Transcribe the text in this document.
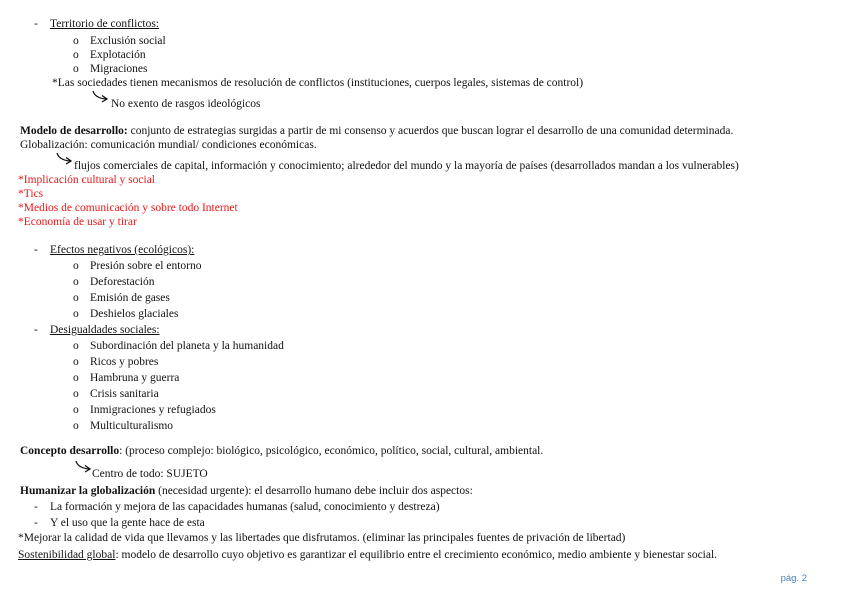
- Territorio de conflictos:
o Exclusión social
o Explotación
o Migraciones
*Las sociedades tienen mecanismos de resolución de conflictos (instituciones, cuerpos legales, sistemas de control)
No exento de rasgos ideológicos
Modelo de desarrollo: conjunto de estrategias surgidas a partir de mi consenso y acuerdos que buscan lograr el desarrollo de una comunidad determinada.
Globalización: comunicación mundial/ condiciones económicas.
flujos comerciales de capital, información y conocimiento; alrededor del mundo y la mayoría de países (desarrollados mandan a los vulnerables)
*Implicación cultural y social
*Tics
*Medios de comunicación y sobre todo Internet
*Economía de usar y tirar
- Efectos negativos (ecológicos):
o Presión sobre el entorno
o Deforestación
o Emisión de gases
o Deshielos glaciales
- Desigualdades sociales:
o Subordinación del planeta y la humanidad
o Ricos y pobres
o Hambruna y guerra
o Crisis sanitaria
o Inmigraciones y refugiados
o Multiculturalismo
Concepto desarrollo: (proceso complejo: biológico, psicológico, económico, político, social, cultural, ambiental.
Centro de todo: SUJETO
Humanizar la globalización (necesidad urgente): el desarrollo humano debe incluir dos aspectos:
- La formación y mejora de las capacidades humanas (salud, conocimiento y destreza)
- Y el uso que la gente hace de esta
*Mejorar la calidad de vida que llevamos y las libertades que disfrutamos. (eliminar las principales fuentes de privación de libertad)
Sostenibilidad global: modelo de desarrollo cuyo objetivo es garantizar el equilibrio entre el crecimiento económico, medio ambiente y bienestar social.
pág. 2
